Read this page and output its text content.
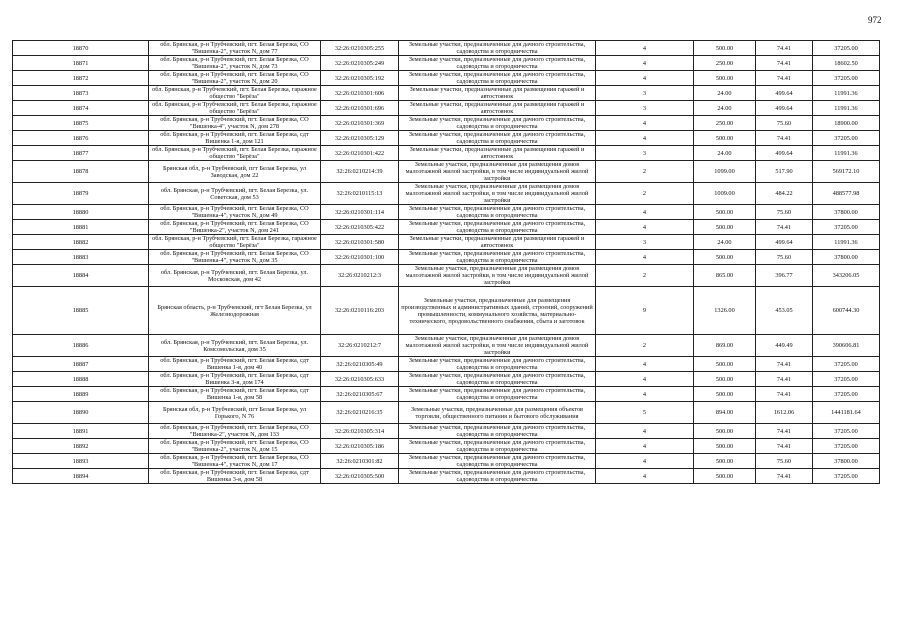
972
18870	обл. Брянская, р-н Трубчевский, пгт. Белая Березка, СО "Вишенка-2", участок N, дом 77	32:26:0210305:255	Земельные участки, предназначенные для дачного строительства, садоводства и огородничества	4	500.00	74.41	37205.00
18871	обл. Брянская, р-н Трубчевский, пгт. Белая Березка, СО "Вишенка-2", участок N, дом 73	32:26:0210305:249	Земельные участки, предназначенные для дачного строительства, садоводства и огородничества	4	250.00	74.41	18602.50
18872	обл. Брянская, р-н Трубчевский, пгт. Белая Березка, СО "Вишенка-2", участок N, дом 20	32:26:0210305:192	Земельные участки, предназначенные для дачного строительства, садоводства и огородничества	4	500.00	74.41	37205.00
18873	обл. Брянская, р-н Трубчевский, пгт. Белая Березка, гаражное общество "Берёза"	32:26:0210301:606	Земельные участки, предназначенные для размещения гаражей и автостоянок	3	24.00	499.64	11991.36
18874	обл. Брянская, р-н Трубчевский, пгт. Белая Березка, гаражное общество "Берёза"	32:26:0210301:696	Земельные участки, предназначенные для размещения гаражей и автостоянок	3	24.00	499.64	11991.36
18875	обл. Брянская, р-н Трубчевский, пгт. Белая Березка, СО "Вишенка-4", участок N, дом 278	32:26:0210301:369	Земельные участки, предназначенные для дачного строительства, садоводства и огородничества	4	250.00	75.60	18900.00
18876	обл. Брянская, р-н Трубчевский, пгт. Белая Березка, сдт Вишенка 1-я, дом 121	32:26:0210305:129	Земельные участки, предназначенные для дачного строительства, садоводства и огородничества	4	500.00	74.41	37205.00
18877	обл. Брянская, р-н Трубчевский, пгт. Белая Березка, гаражное общество "Берёза"	32:26:0210301:422	Земельные участки, предназначенные для размещения гаражей и автостоянок	3	24.00	499.64	11991.36
18878	Брянская обл, р-н Трубчевский, пгт Белая Березка, ул Заводская, дом 22	32:26:0210214:39	Земельные участки, предназначенные для размещения домов малоэтажной жилой застройки, в том числе индивидуальной жилой застройки	2	1099.00	517.90	569172.10
18879	обл. Брянская, р-н Трубчевский, пгт. Белая Березка, ул. Советская, дом 53	32:26:0210115:13	Земельные участки, предназначенные для размещения домов малоэтажной жилой застройки, в том числе индивидуальной жилой застройки	2	1009.00	484.22	488577.98
18880	обл. Брянская, р-н Трубчевский, пгт. Белая Березка, СО "Вишенка-4", участок N, дом 49	32:26:0210301:114	Земельные участки, предназначенные для дачного строительства, садоводства и огородничества	4	500.00	75.60	37800.00
18881	обл. Брянская, р-н Трубчевский, пгт. Белая Березка, СО "Вишенка-2", участок N, дом 241	32:26:0210305:422	Земельные участки, предназначенные для дачного строительства, садоводства и огородничества	4	500.00	74.41	37205.00
18882	обл. Брянская, р-н Трубчевский, пгт. Белая Березка, гаражное общество "Берёза"	32:26:0210301:580	Земельные участки, предназначенные для размещения гаражей и автостоянок	3	24.00	499.64	11991.36
18883	обл. Брянская, р-н Трубчевский, пгт. Белая Березка, СО "Вишенка-4", участок N, дом 35	32:26:0210301:100	Земельные участки, предназначенные для дачного строительства, садоводства и огородничества	4	500.00	75.60	37800.00
18884	обл. Брянская, р-н Трубчевский, пгт. Белая Березка, ул. Московская, дом 42	32:26:0210212:3	Земельные участки, предназначенные для размещения домов малоэтажной жилой застройки, в том числе индивидуальной жилой застройки	2	865.00	396.77	343206.05
18885	Брянская область, р-н Трубчевский, пгт Белая Березка, ул Железнодорожная	32:26:0210116:203	Земельные участки, предназначенные для размещения производственных и административных зданий, строений, сооружений промышленности, коммунального хозяйства, материально-технического, продовольственного снабжения, сбыта и заготовок	9	1326.00	453.05	600744.30
18886	обл. Брянская, р-н Трубчевский, пгт. Белая Березка, ул. Комсомольская, дом 35	32:26:0210212:7	Земельные участки, предназначенные для размещения домов малоэтажной жилой застройки, в том числе индивидуальной жилой застройки	2	869.00	449.49	390606.81
18887	обл. Брянская, р-н Трубчевский, пгт. Белая Березка, сдт Вишенка 1-я, дом 40	32:26:0210305:49	Земельные участки, предназначенные для дачного строительства, садоводства и огородничества	4	500.00	74.41	37205.00
18888	обл. Брянская, р-н Трубчевский, пгт. Белая Березка, сдт Вишенка 3-я, дом 174	32:26:0210305:633	Земельные участки, предназначенные для дачного строительства, садоводства и огородничества	4	500.00	74.41	37205.00
18889	обл. Брянская, р-н Трубчевский, пгт. Белая Березка, сдт Вишенка 1-я, дом 58	32:26:0210305:67	Земельные участки, предназначенные для дачного строительства, садоводства и огородничества	4	500.00	74.41	37205.00
18890	Брянская обл, р-н Трубчевский, пгт Белая Березка, ул Горького, N 76	32:26:0210216:35	Земельные участки, предназначенные для размещения объектов торговли, общественного питания и бытового обслуживания	5	894.00	1612.06	1441181.64
18891	обл. Брянская, р-н Трубчевский, пгт. Белая Березка, СО "Вишенка-2", участок N, дом 133	32:26:0210305:314	Земельные участки, предназначенные для дачного строительства, садоводства и огородничества	4	500.00	74.41	37205.00
18892	обл. Брянская, р-н Трубчевский, пгт. Белая Березка, СО "Вишенка-2", участок N, дом 15	32:26:0210305:186	Земельные участки, предназначенные для дачного строительства, садоводства и огородничества	4	500.00	74.41	37205.00
18893	обл. Брянская, р-н Трубчевский, пгт. Белая Березка, СО "Вишенка-4", участок N, дом 17	32:26:0210301:82	Земельные участки, предназначенные для дачного строительства, садоводства и огородничества	4	500.00	75.60	37800.00
18894	обл. Брянская, р-н Трубчевский, пгт. Белая Березка, сдт Вишенка 3-я, дом 58	32:26:0210305:500	Земельные участки, предназначенные для дачного строительства, садоводства и огородничества	4	500.00	74.41	37205.00
